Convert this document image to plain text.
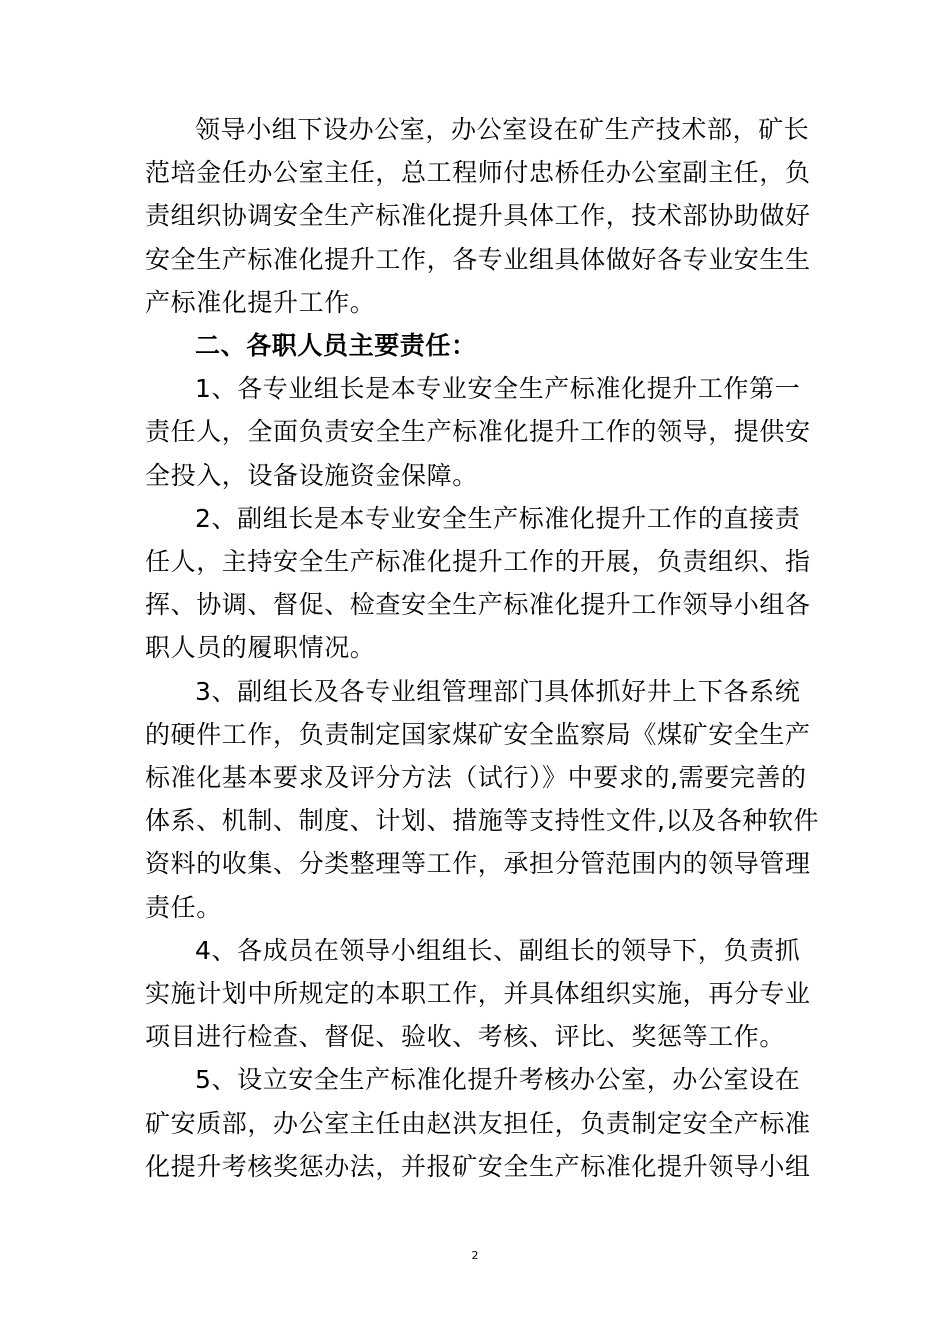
领导小组下设办公室，办公室设在矿生产技术部，矿长
范培金任办公室主任，总工程师付忠桥任办公室副主任，负
责组织协调安全生产标准化提升具体工作，技术部协助做好
安全生产标准化提升工作，各专业组具体做好各专业安生生
产标准化提升工作。
二、各职人员主要责任：
1、各专业组长是本专业安全生产标准化提升工作第一
责任人，全面负责安全生产标准化提升工作的领导，提供安
全投入，设备设施资金保障。
2、副组长是本专业安全生产标准化提升工作的直接责
任人，主持安全生产标准化提升工作的开展，负责组织、指
挥、协调、督促、检查安全生产标准化提升工作领导小组各
职人员的履职情况。
3、副组长及各专业组管理部门具体抓好井上下各系统
的硬件工作，负责制定国家煤矿安全监察局《煤矿安全生产
标准化基本要求及评分方法（试行）》中要求的,需要完善的
体系、机制、制度、计划、措施等支持性文件,以及各种软件
资料的收集、分类整理等工作，承担分管范围内的领导管理
责任。
4、各成员在领导小组组长、副组长的领导下，负责抓
实施计划中所规定的本职工作，并具体组织实施，再分专业
项目进行检查、督促、验收、考核、评比、奖惩等工作。
5、设立安全生产标准化提升考核办公室，办公室设在
矿安质部，办公室主任由赵洪友担任，负责制定安全产标准
化提升考核奖惩办法，并报矿安全生产标准化提升领导小组
2
